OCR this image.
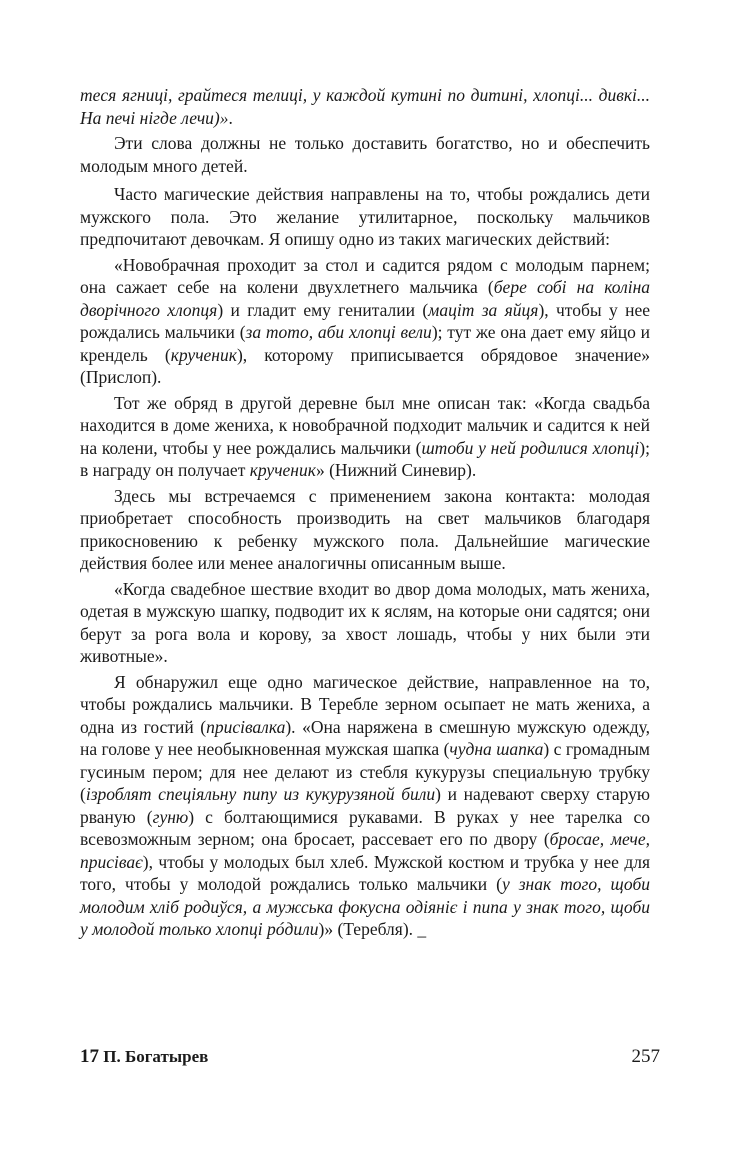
тeся ягниці, грайтеся телиці, у каждой кутині по дитині, хлопці... дивкі... На печі нігде лечи)».

Эти слова должны не только доставить богатство, но и обеспечить молодым много детей.

Часто магические действия направлены на то, чтобы рождались дети мужского пола. Это желание утилитарное, поскольку мальчиков предпочитают девочкам. Я опишу одно из таких магических действий:

«Новобрачная проходит за стол и садится рядом с молодым парнем; она сажает себе на колени двухлетнего мальчика (бере собі на коліна дворічного хлопця) и гладит ему гениталии (мацiт за яйця), чтобы у нее рождались мальчики (за тото, аби хлопці вели); тут же она дает ему яйцо и крендель (крученик), которому приписывается обрядовое значение» (Прислоп).

Тот же обряд в другой деревне был мне описан так: «Когда свадьба находится в доме жениха, к новобрачной подходит мальчик и садится к ней на колени, чтобы у нее рождались мальчики (штоби у ней родилися хлопці); в награду он получает крученик» (Нижний Синевир).

Здесь мы встречаемся с применением закона контакта: молодая приобретает способность производить на свет мальчиков благодаря прикосновению к ребенку мужского пола. Дальнейшие магические действия более или менее аналогичны описанным выше.

«Когда свадебное шествие входит во двор дома молодых, мать жениха, одетая в мужскую шапку, подводит их к яслям, на которые они садятся; они берут за рога вола и корову, за хвост лошадь, чтобы у них были эти животные».

Я обнаружил еще одно магическое действие, направленное на то, чтобы рождались мальчики. В Теребле зерном осыпает не мать жениха, а одна из гостий (присівалка). «Она наряжена в смешную мужскую одежду, на голове у нее необыкновенная мужская шапка (чудна шапка) с громадным гусиным пером; для нее делают из стебля кукурузы специальную трубку (ізроблят спеціяльну пипу из кукурузяной били) и надевают сверху старую рваную (гуню) с болтающимися рукавами. В руках у нее тарелка со всевозможным зерном; она бросает, рассевает его по двору (бросае, мече, присіває), чтобы у молодых был хлеб. Мужской костюм и трубка у нее для того, чтобы у молодой рождались только мальчики (у знак того, щоби молодим хліб родиўся, а мужська фокусна одіяніє і пипа у знак того, щоби у молодой только хлопці рóдили)» (Теребля). _

17 П. Богатырев	257
